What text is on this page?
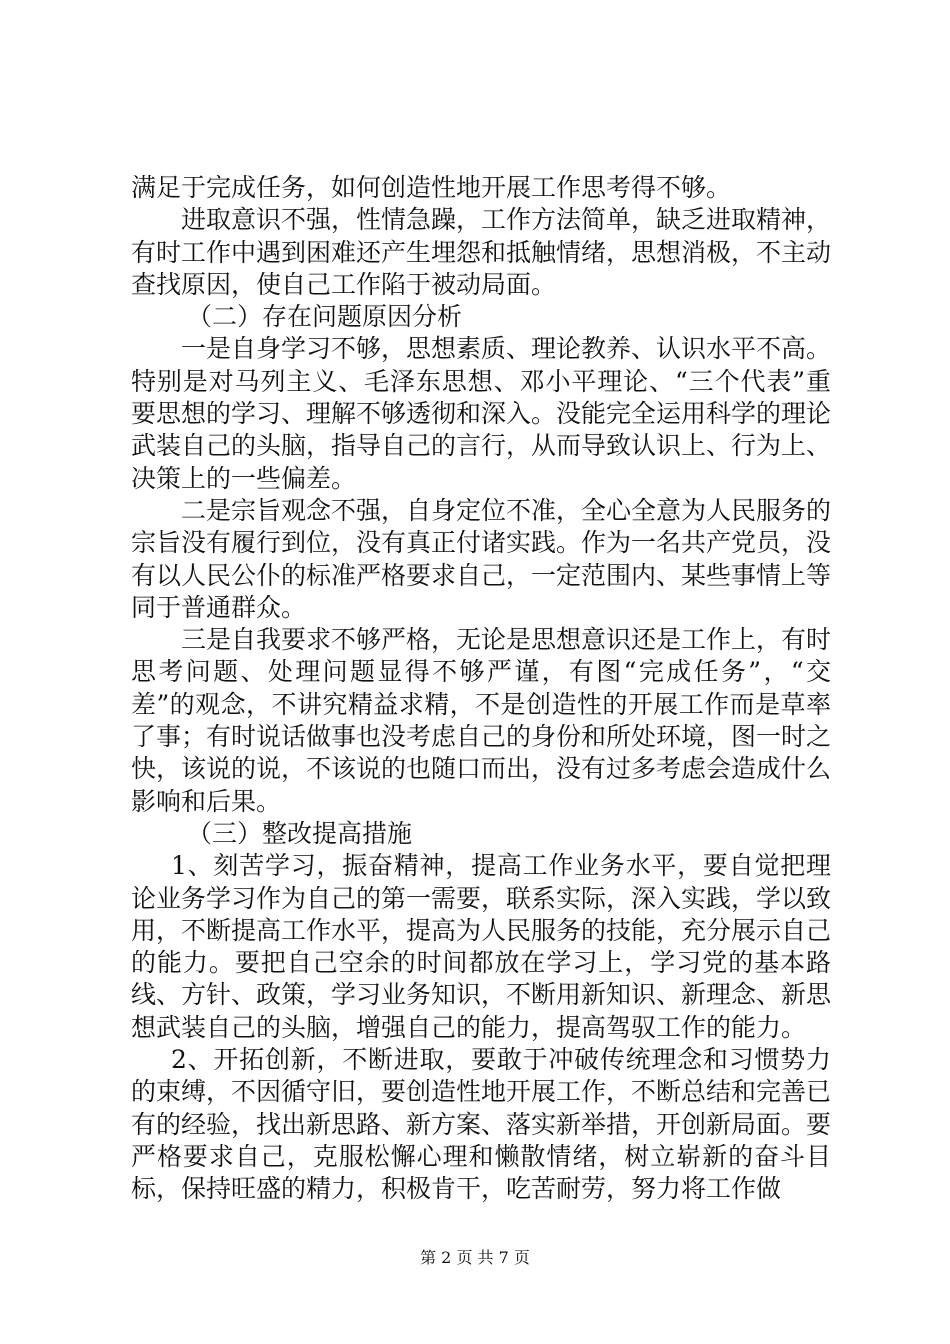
满足于完成任务，如何创造性地开展工作思考得不够。

进取意识不强，性情急躁，工作方法简单，缺乏进取精神，有时工作中遇到困难还产生埋怨和抵触情绪，思想消极，不主动查找原因，使自己工作陷于被动局面。

（二）存在问题原因分析

一是自身学习不够，思想素质、理论教养、认识水平不高。特别是对马列主义、毛泽东思想、邓小平理论、“三个代表”重要思想的学习、理解不够透彻和深入。没能完全运用科学的理论武装自己的头脑，指导自己的言行，从而导致认识上、行为上、决策上的一些偏差。

二是宗旨观念不强，自身定位不准，全心全意为人民服务的宗旨没有履行到位，没有真正付诸实践。作为一名共产党员，没有以人民公仆的标准严格要求自己，一定范围内、某些事情上等同于普通群众。

三是自我要求不够严格，无论是思想意识还是工作上，有时思考问题、处理问题显得不够严谨，有图“完成任务”，“交差”的观念，不讲究精益求精，不是创造性的开展工作而是草率了事；有时说话做事也没考虑自己的身份和所处环境，图一时之快，该说的说，不该说的也随口而出，没有过多考虑会造成什么影响和后果。

（三）整改提高措施

1、刻苦学习，振奋精神，提高工作业务水平，要自觉把理论业务学习作为自己的第一需要，联系实际，深入实践，学以致用，不断提高工作水平，提高为人民服务的技能，充分展示自己的能力。要把自己空余的时间都放在学习上，学习党的基本路线、方针、政策，学习业务知识，不断用新知识、新理念、新思想武装自己的头脑，增强自己的能力，提高驾驭工作的能力。

2、开拓创新，不断进取，要敢于冲破传统理念和习惯势力的束缚，不因循守旧，要创造性地开展工作，不断总结和完善已有的经验，找出新思路、新方案、落实新举措，开创新局面。要严格要求自己，克服松懈心理和懒散情绪，树立崭新的奋斗目标，保持旺盛的精力，积极肯干，吃苦耐劳，努力将工作做

第 2 页 共 7 页
